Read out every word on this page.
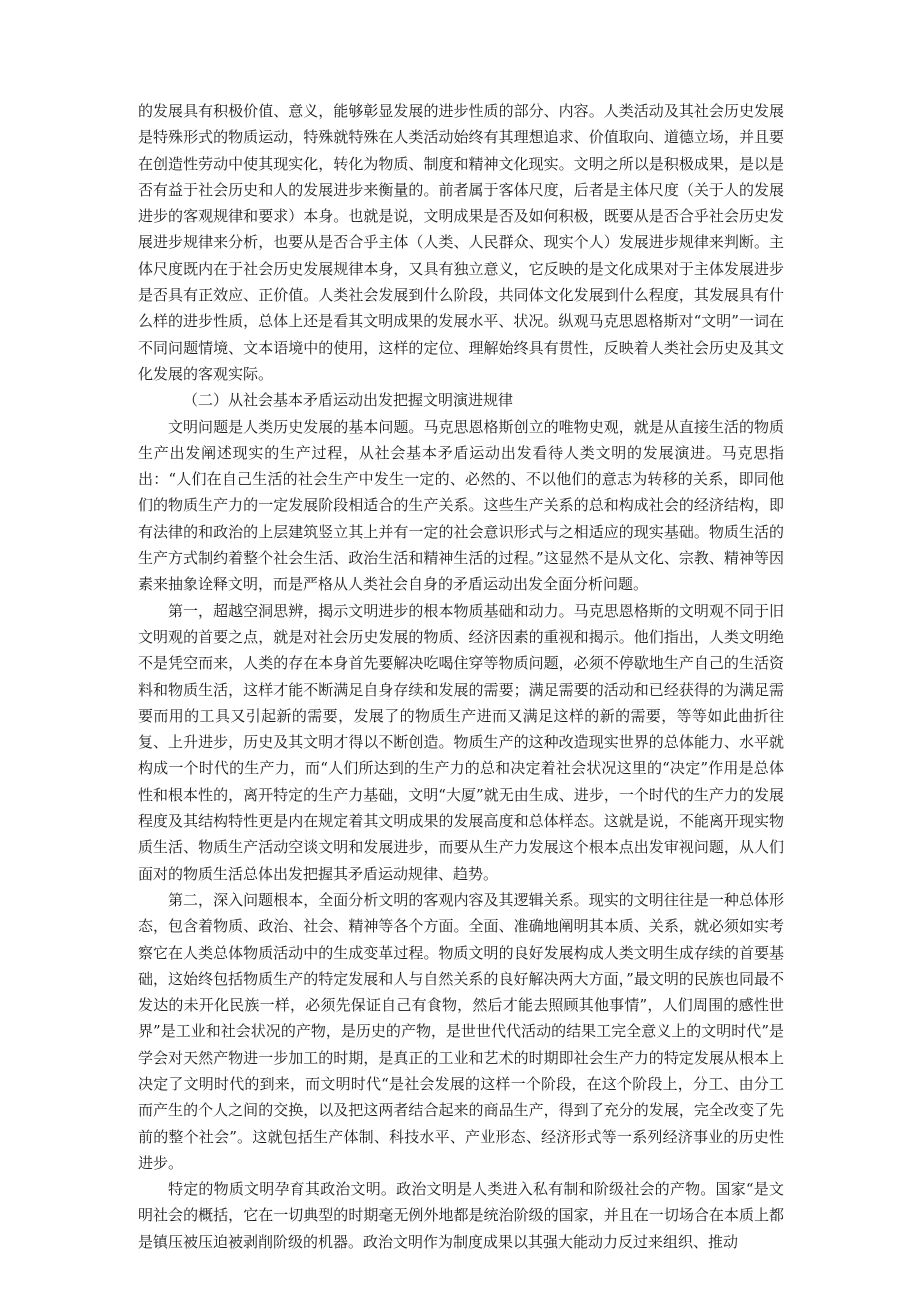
的发展具有积极价值、意义，能够彰显发展的进步性质的部分、内容。人类活动及其社会历史发展是特殊形式的物质运动，特殊就特殊在人类活动始终有其理想追求、价值取向、道德立场，并且要在创造性劳动中使其现实化，转化为物质、制度和精神文化现实。文明之所以是积极成果，是以是否有益于社会历史和人的发展进步来衡量的。前者属于客体尺度，后者是主体尺度（关于人的发展进步的客观规律和要求）本身。也就是说，文明成果是否及如何积极，既要从是否合乎社会历史发展进步规律来分析，也要从是否合乎主体（人类、人民群众、现实个人）发展进步规律来判断。主体尺度既内在于社会历史发展规律本身，又具有独立意义，它反映的是文化成果对于主体发展进步是否具有正效应、正价值。人类社会发展到什么阶段，共同体文化发展到什么程度，其发展具有什么样的进步性质，总体上还是看其文明成果的发展水平、状况。纵观马克思恩格斯对“文明”一词在不同问题情境、文本语境中的使用，这样的定位、理解始终具有贯性，反映着人类社会历史及其文化发展的客观实际。

（二）从社会基本矛盾运动出发把握文明演进规律

文明问题是人类历史发展的基本问题。马克思恩格斯创立的唯物史观，就是从直接生活的物质生产出发阐述现实的生产过程，从社会基本矛盾运动出发看待人类文明的发展演进。马克思指出：“人们在自己生活的社会生产中发生一定的、必然的、不以他们的意志为转移的关系，即同他们的物质生产力的一定发展阶段相适合的生产关系。这些生产关系的总和构成社会的经济结构，即有法律的和政治的上层建筑竖立其上并有一定的社会意识形式与之相适应的现实基础。物质生活的生产方式制约着整个社会生活、政治生活和精神生活的过程。”这显然不是从文化、宗教、精神等因素来抽象诠释文明，而是严格从人类社会自身的矛盾运动出发全面分析问题。

第一，超越空洞思辨，揭示文明进步的根本物质基础和动力。马克思恩格斯的文明观不同于旧文明观的首要之点，就是对社会历史发展的物质、经济因素的重视和揭示。他们指出，人类文明绝不是凭空而来，人类的存在本身首先要解决吃喝住穿等物质问题，必须不停歇地生产自己的生活资料和物质生活，这样才能不断满足自身存续和发展的需要；满足需要的活动和已经获得的为满足需要而用的工具又引起新的需要，发展了的物质生产进而又满足这样的新的需要，等等如此曲折往复、上升进步，历史及其文明才得以不断创造。物质生产的这种改造现实世界的总体能力、水平就构成一个时代的生产力，而“人们所达到的生产力的总和决定着社会状况这里的“决定”作用是总体性和根本性的，离开特定的生产力基础，文明“大厦”就无由生成、进步，一个时代的生产力的发展程度及其结构特性更是内在规定着其文明成果的发展高度和总体样态。这就是说，不能离开现实物质生活、物质生产活动空谈文明和发展进步，而要从生产力发展这个根本点出发审视问题，从人们面对的物质生活总体出发把握其矛盾运动规律、趋势。

第二，深入问题根本，全面分析文明的客观内容及其逻辑关系。现实的文明往往是一种总体形态，包含着物质、政治、社会、精神等各个方面。全面、准确地阐明其本质、关系，就必须如实考察它在人类总体物质活动中的生成变革过程。物质文明的良好发展构成人类文明生成存续的首要基础，这始终包括物质生产的特定发展和人与自然关系的良好解决两大方面，”最文明的民族也同最不发达的未开化民族一样，必须先保证自己有食物，然后才能去照顾其他事情”，人们周围的感性世界”是工业和社会状况的产物，是历史的产物，是世世代代活动的结果工完全意义上的文明时代”是学会对天然产物进一步加工的时期，是真正的工业和艺术的时期即社会生产力的特定发展从根本上决定了文明时代的到来，而文明时代“是社会发展的这样一个阶段，在这个阶段上，分工、由分工而产生的个人之间的交换，以及把这两者结合起来的商品生产，得到了充分的发展，完全改变了先前的整个社会”。这就包括生产体制、科技水平、产业形态、经济形式等一系列经济事业的历史性进步。

特定的物质文明孕育其政治文明。政治文明是人类进入私有制和阶级社会的产物。国家“是文明社会的概括，它在一切典型的时期毫无例外地都是统治阶级的国家，并且在一切场合在本质上都是镇压被压迫被剥削阶级的机器。政治文明作为制度成果以其强大能动力反过来组织、推动
